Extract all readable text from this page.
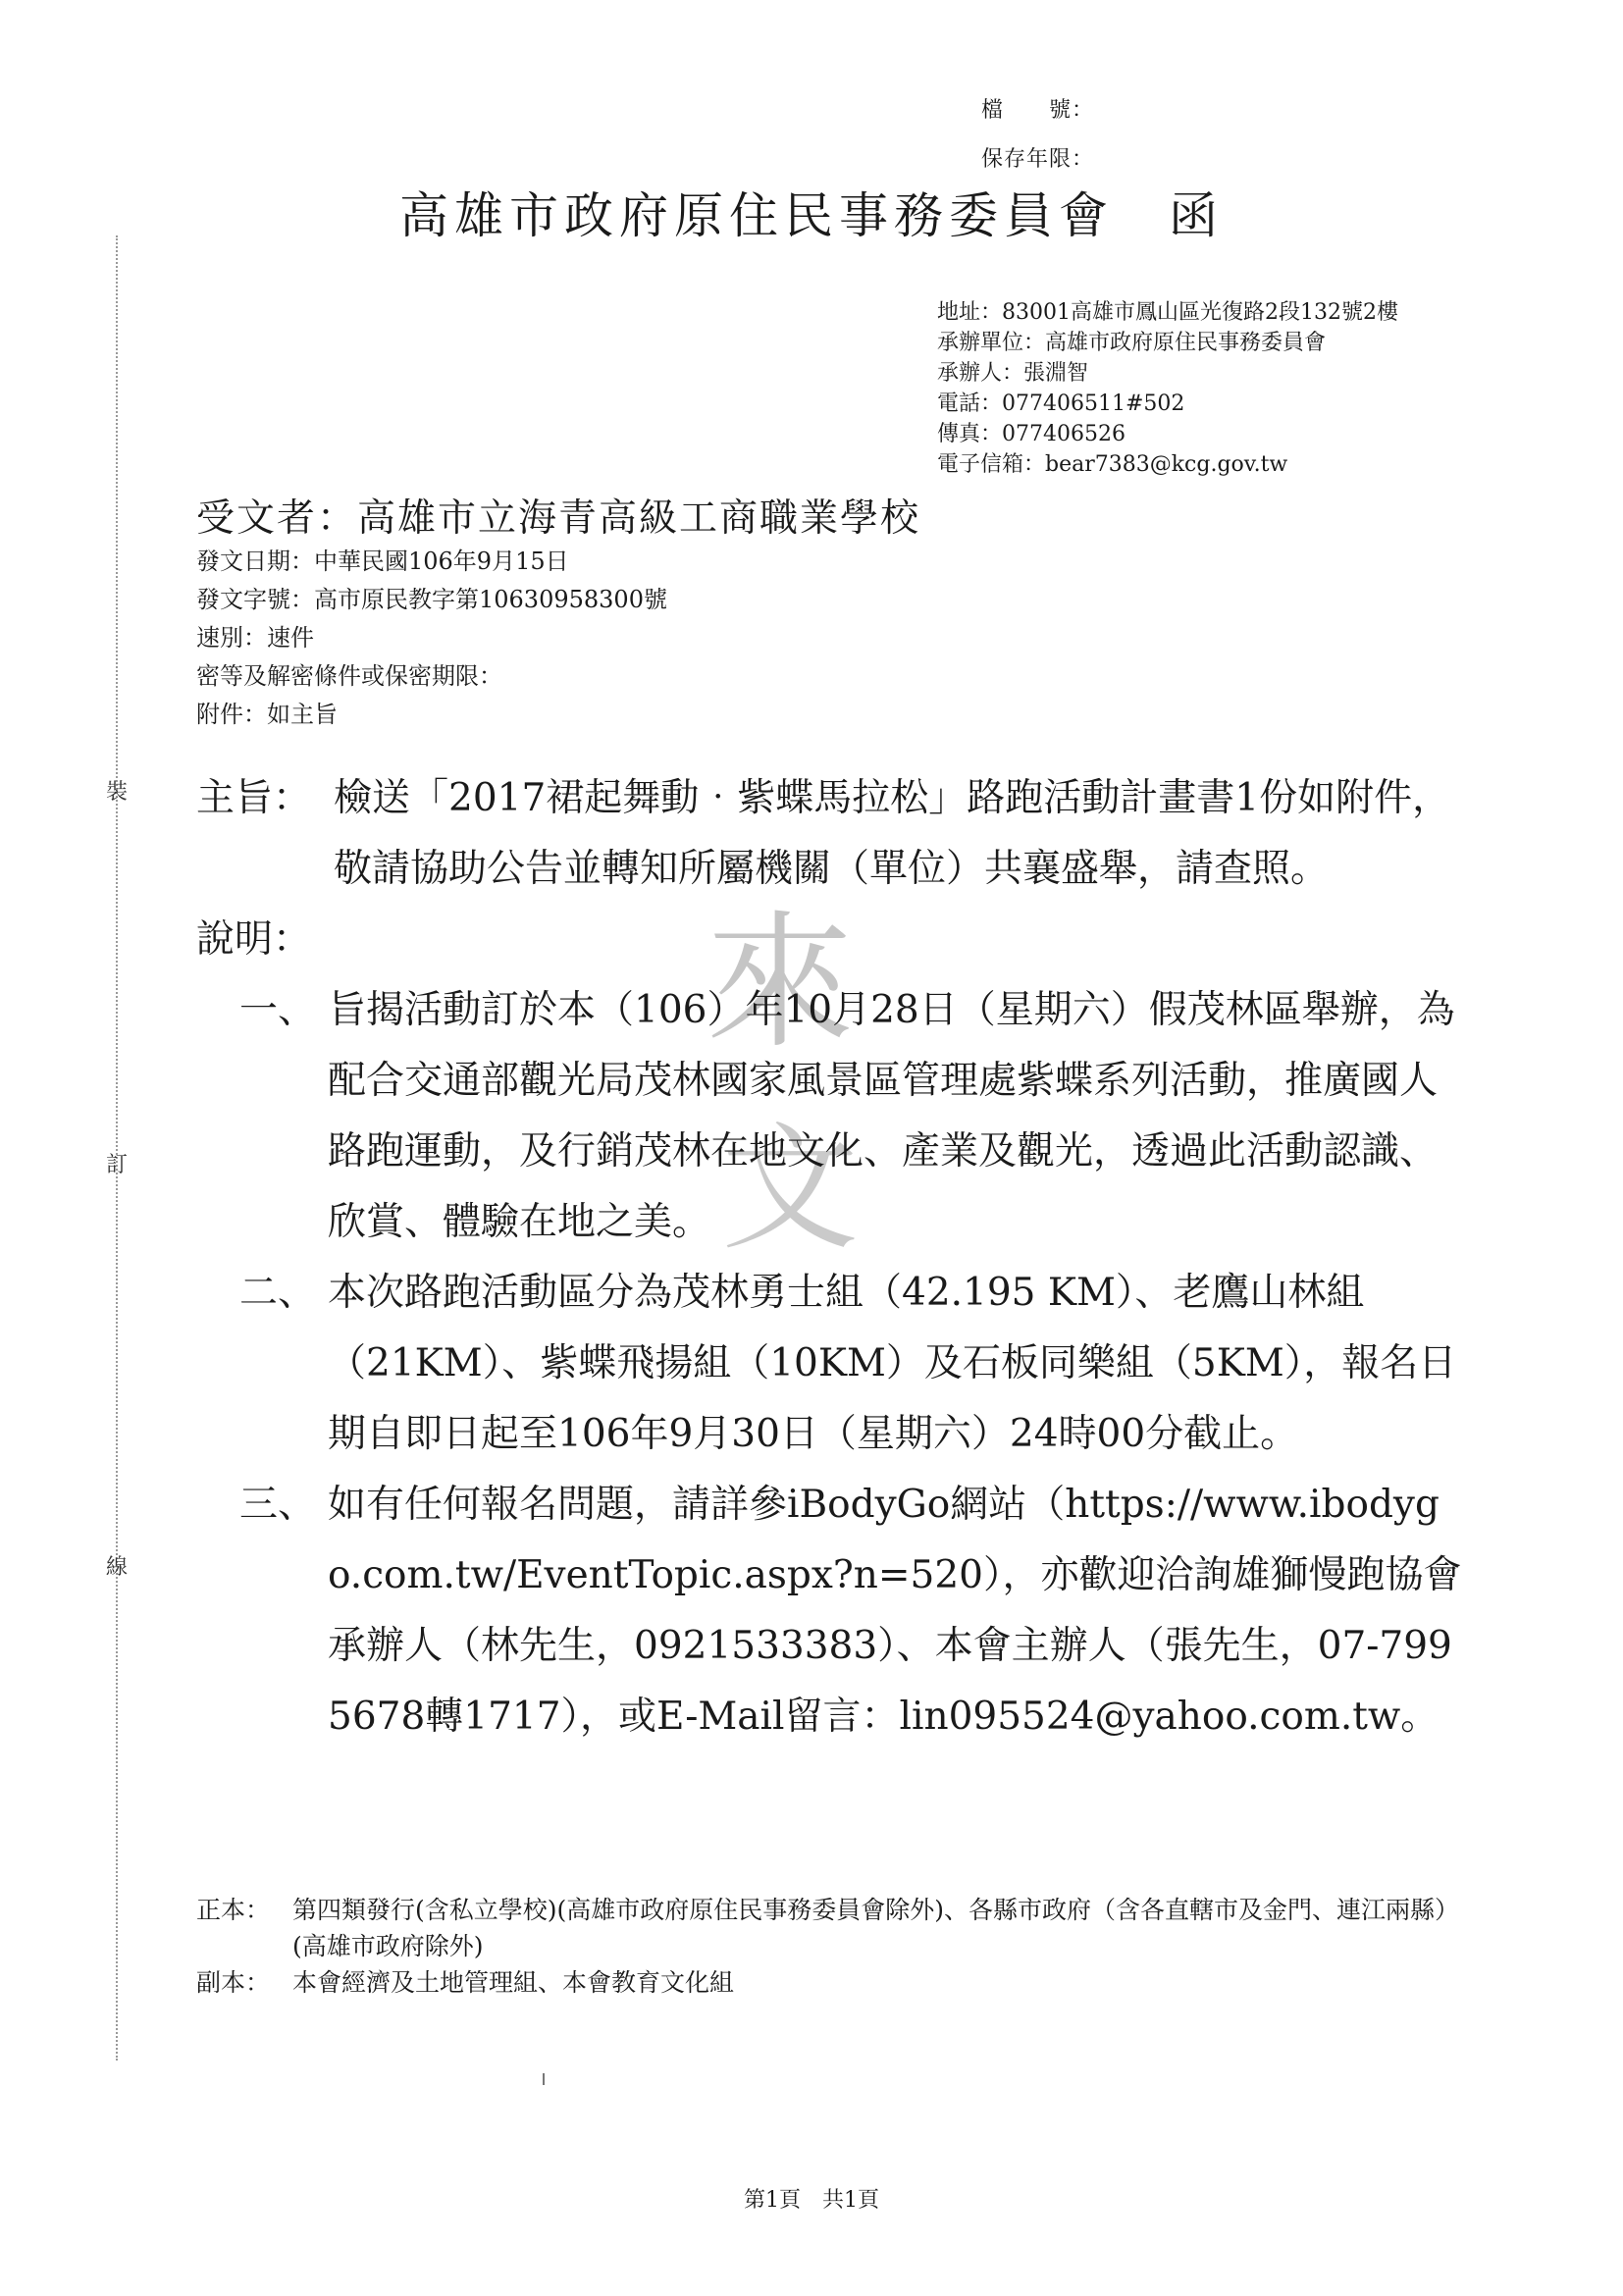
檔　　號：
保存年限：
高雄市政府原住民事務委員會　函
地址：83001高雄市鳳山區光復路2段132號2樓
承辦單位：高雄市政府原住民事務委員會
承辦人：張淵智
電話：077406511#502
傳真：077406526
電子信箱：bear7383@kcg.gov.tw
受文者：高雄市立海青高級工商職業學校
發文日期：中華民國106年9月15日
發文字號：高市原民教字第10630958300號
速別：速件
密等及解密條件或保密期限：
附件：如主旨
裝
訂
線
來
文
主旨： 檢送「2017裙起舞動‧紫蝶馬拉松」路跑活動計畫書1份如附件，敬請協助公告並轉知所屬機關（單位）共襄盛舉，請查照。
說明：
一、 旨揭活動訂於本（106）年10月28日（星期六）假茂林區舉辦，為配合交通部觀光局茂林國家風景區管理處紫蝶系列活動，推廣國人路跑運動，及行銷茂林在地文化、產業及觀光，透過此活動認識、欣賞、體驗在地之美。
二、 本次路跑活動區分為茂林勇士組（42.195 KM）、老鷹山林組（21KM）、紫蝶飛揚組（10KM）及石板同樂組（5KM），報名日期自即日起至106年9月30日（星期六）24時00分截止。
三、 如有任何報名問題，請詳參iBodyGo網站（https://www.ibodygo.com.tw/EventTopic.aspx?n=520），亦歡迎洽詢雄獅慢跑協會承辦人（林先生，0921533383）、本會主辦人（張先生，07-7995678轉1717），或E-Mail留言：lin095524@yahoo.com.tw。
正本： 第四類發行(含私立學校)(高雄市政府原住民事務委員會除外)、各縣市政府（含各直轄市及金門、連江兩縣）(高雄市政府除外)
副本： 本會經濟及土地管理組、本會教育文化組
第1頁　共1頁
